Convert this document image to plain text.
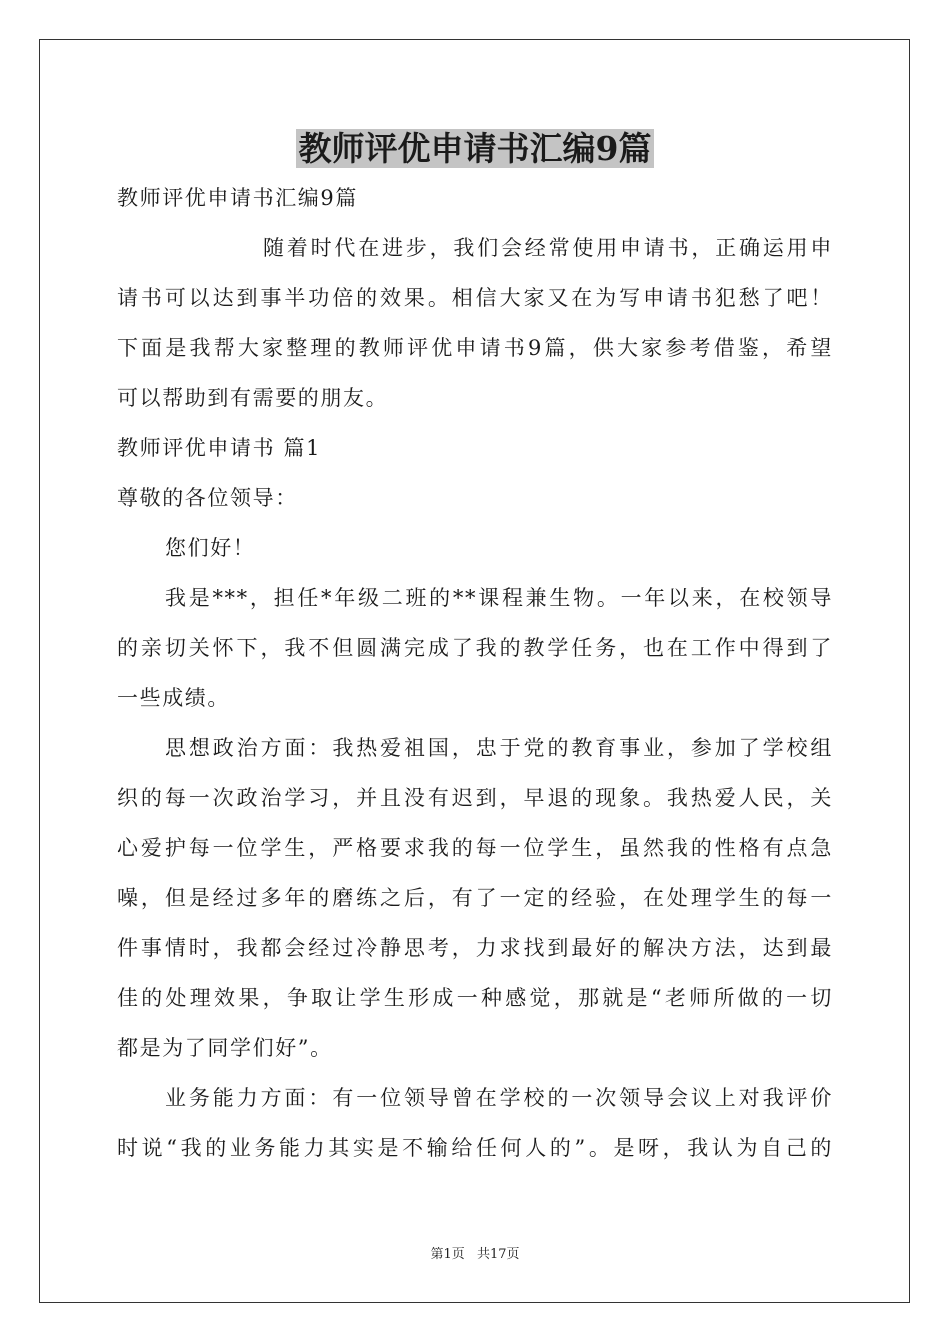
教师评优申请书汇编9篇
教师评优申请书汇编9篇
随着时代在进步，我们会经常使用申请书，正确运用申
请书可以达到事半功倍的效果。相信大家又在为写申请书犯愁了吧！
下面是我帮大家整理的教师评优申请书9篇，供大家参考借鉴，希望
可以帮助到有需要的朋友。
教师评优申请书 篇1
尊敬的各位领导：
您们好！
我是***，担任*年级二班的**课程兼生物。一年以来，在校领导
的亲切关怀下，我不但圆满完成了我的教学任务，也在工作中得到了
一些成绩。
思想政治方面：我热爱祖国，忠于党的教育事业，参加了学校组
织的每一次政治学习，并且没有迟到，早退的现象。我热爱人民，关
心爱护每一位学生，严格要求我的每一位学生，虽然我的性格有点急
噪，但是经过多年的磨练之后，有了一定的经验，在处理学生的每一
件事情时，我都会经过冷静思考，力求找到最好的解决方法，达到最
佳的处理效果，争取让学生形成一种感觉，那就是“老师所做的一切
都是为了同学们好”。
业务能力方面：有一位领导曾在学校的一次领导会议上对我评价
时说“我的业务能力其实是不输给任何人的”。是呀，我认为自己的
第1页 共17页
